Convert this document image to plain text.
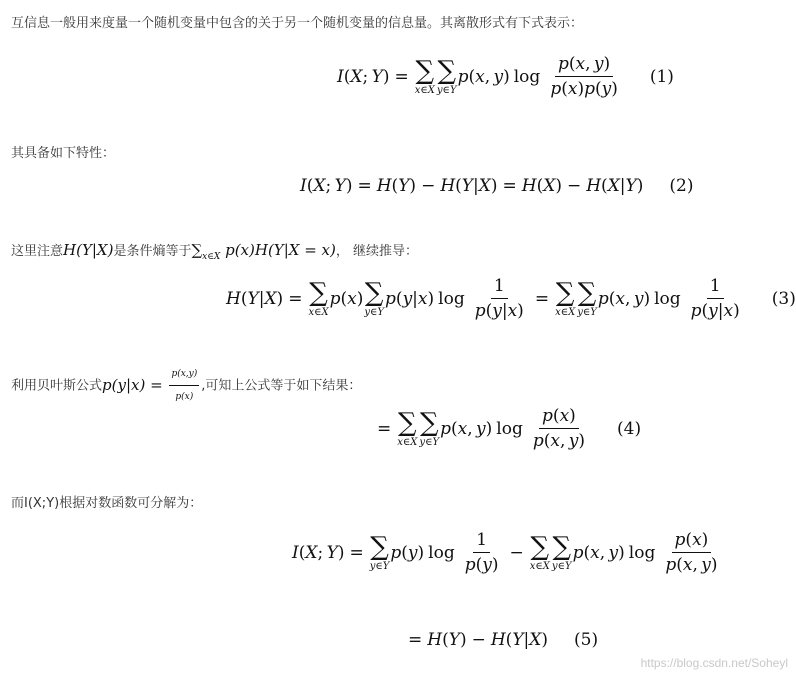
互信息一般用来度量一个随机变量中包含的关于另一个随机变量的信息量。其离散形式有下式表示：
I ( X ;
  Y ) = ∑
x∈X
∑
y∈Y
p ( x ,  y ) $\log \frac{p(x, y)}{p(x)p(y)} (1)$
其具备如下特性：
I ( X ;  Y ) = H ( Y ) − H ( Y | X ) = H ( X ) − H ( X | Y ) (2)
这里注意H(Y|X)是条件熵等于$\sum_{x\in X}$ p(x)H(Y|X = x)， 继续推导：
H ( Y | X ) = ∑
x∈X
p ( x ) ∑
y∈Y
p ( y | x ) $\log \frac{1}{p(y|x)}$ = ∑
x∈X
∑
y∈Y
p ( x ,  y ) $\log \frac{1}{p(y|x)} (3)$
利用贝叶斯公式$p(y|x) = \frac{p(x,y)}{p(x)}$ ,可知上公式等于如下结果：
= ∑
x∈X
∑
y∈Y
p ( x ,  y ) $\log \frac{p(x)}{p(x, y)} (4)$
而I(X;Y)根据对数函数可分解为：
I ( X ;  Y ) = ∑
y∈Y
p ( y ) $\log \frac{1}{p(y)}$ − ∑
x∈X
∑
y∈Y
p ( x ,  y ) $\log \frac{p(x)}{p(x, y)}$
= H ( Y ) − H ( Y | X ) (5)
https://blog.csdn.net/Soheyl
